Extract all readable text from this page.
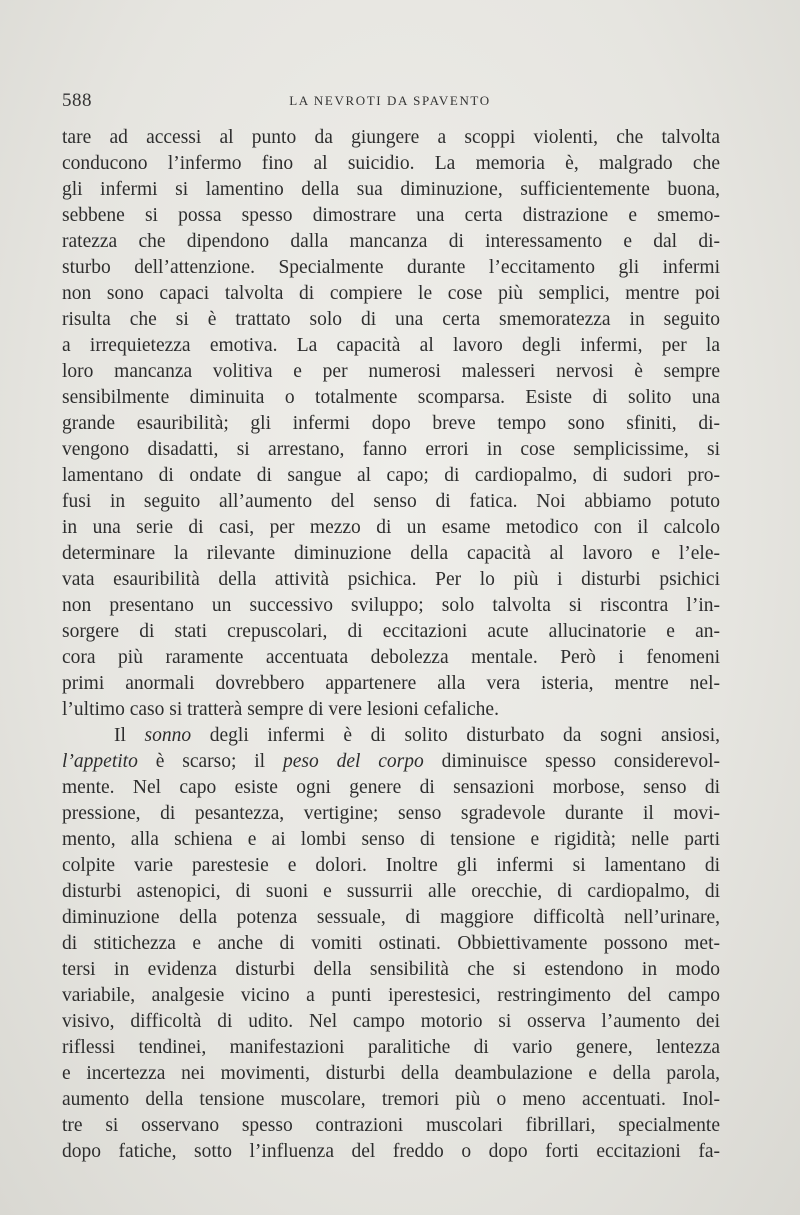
588	LA NEVROTI DA SPAVENTO
tare ad accessi al punto da giungere a scoppi violenti, che talvolta
conducono l’infermo fino al suicidio. La memoria è, malgrado che
gli infermi si lamentino della sua diminuzione, sufficientemente buona,
sebbene si possa spesso dimostrare una certa distrazione e smemo-
ratezza che dipendono dalla mancanza di interessamento e dal di-
sturbo dell’attenzione. Specialmente durante l’eccitamento gli infermi
non sono capaci talvolta di compiere le cose più semplici, mentre poi
risulta che si è trattato solo di una certa smemoratezza in seguito
a irrequietezza emotiva. La capacità al lavoro degli infermi, per la
loro mancanza volitiva e per numerosi malesseri nervosi è sempre
sensibilmente diminuita o totalmente scomparsa. Esiste di solito una
grande esauribilità; gli infermi dopo breve tempo sono sfiniti, di-
vengono disadatti, si arrestano, fanno errori in cose semplicissime, si
lamentano di ondate di sangue al capo; di cardiopalmo, di sudori pro-
fusi in seguito all’aumento del senso di fatica. Noi abbiamo potuto
in una serie di casi, per mezzo di un esame metodico con il calcolo
determinare la rilevante diminuzione della capacità al lavoro e l’ele-
vata esauribilità della attività psichica. Per lo più i disturbi psichici
non presentano un successivo sviluppo; solo talvolta si riscontra l’in-
sorgere di stati crepuscolari, di eccitazioni acute allucinatorie e an-
cora più raramente accentuata debolezza mentale. Però i fenomeni
primi anormali dovrebbero appartenere alla vera isteria, mentre nel-
l’ultimo caso si tratterà sempre di vere lesioni cefaliche.
Il sonno degli infermi è di solito disturbato da sogni ansiosi,
l’appetito è scarso; il peso del corpo diminuisce spesso considerevol-
mente. Nel capo esiste ogni genere di sensazioni morbose, senso di
pressione, di pesantezza, vertigine; senso sgradevole durante il movi-
mento, alla schiena e ai lombi senso di tensione e rigidità; nelle parti
colpite varie parestesie e dolori. Inoltre gli infermi si lamentano di
disturbi astenopici, di suoni e sussurrii alle orecchie, di cardiopalmo, di
diminuzione della potenza sessuale, di maggiore difficoltà nell’urinare,
di stitichezza e anche di vomiti ostinati. Obbiettivamente possono met-
tersi in evidenza disturbi della sensibilità che si estendono in modo
variabile, analgesie vicino a punti iperestesici, restringimento del campo
visivo, difficoltà di udito. Nel campo motorio si osserva l’aumento dei
riflessi tendinei, manifestazioni paralitiche di vario genere, lentezza
e incertezza nei movimenti, disturbi della deambulazione e della parola,
aumento della tensione muscolare, tremori più o meno accentuati. Inol-
tre si osservano spesso contrazioni muscolari fibrillari, specialmente
dopo fatiche, sotto l’influenza del freddo o dopo forti eccitazioni fa-
